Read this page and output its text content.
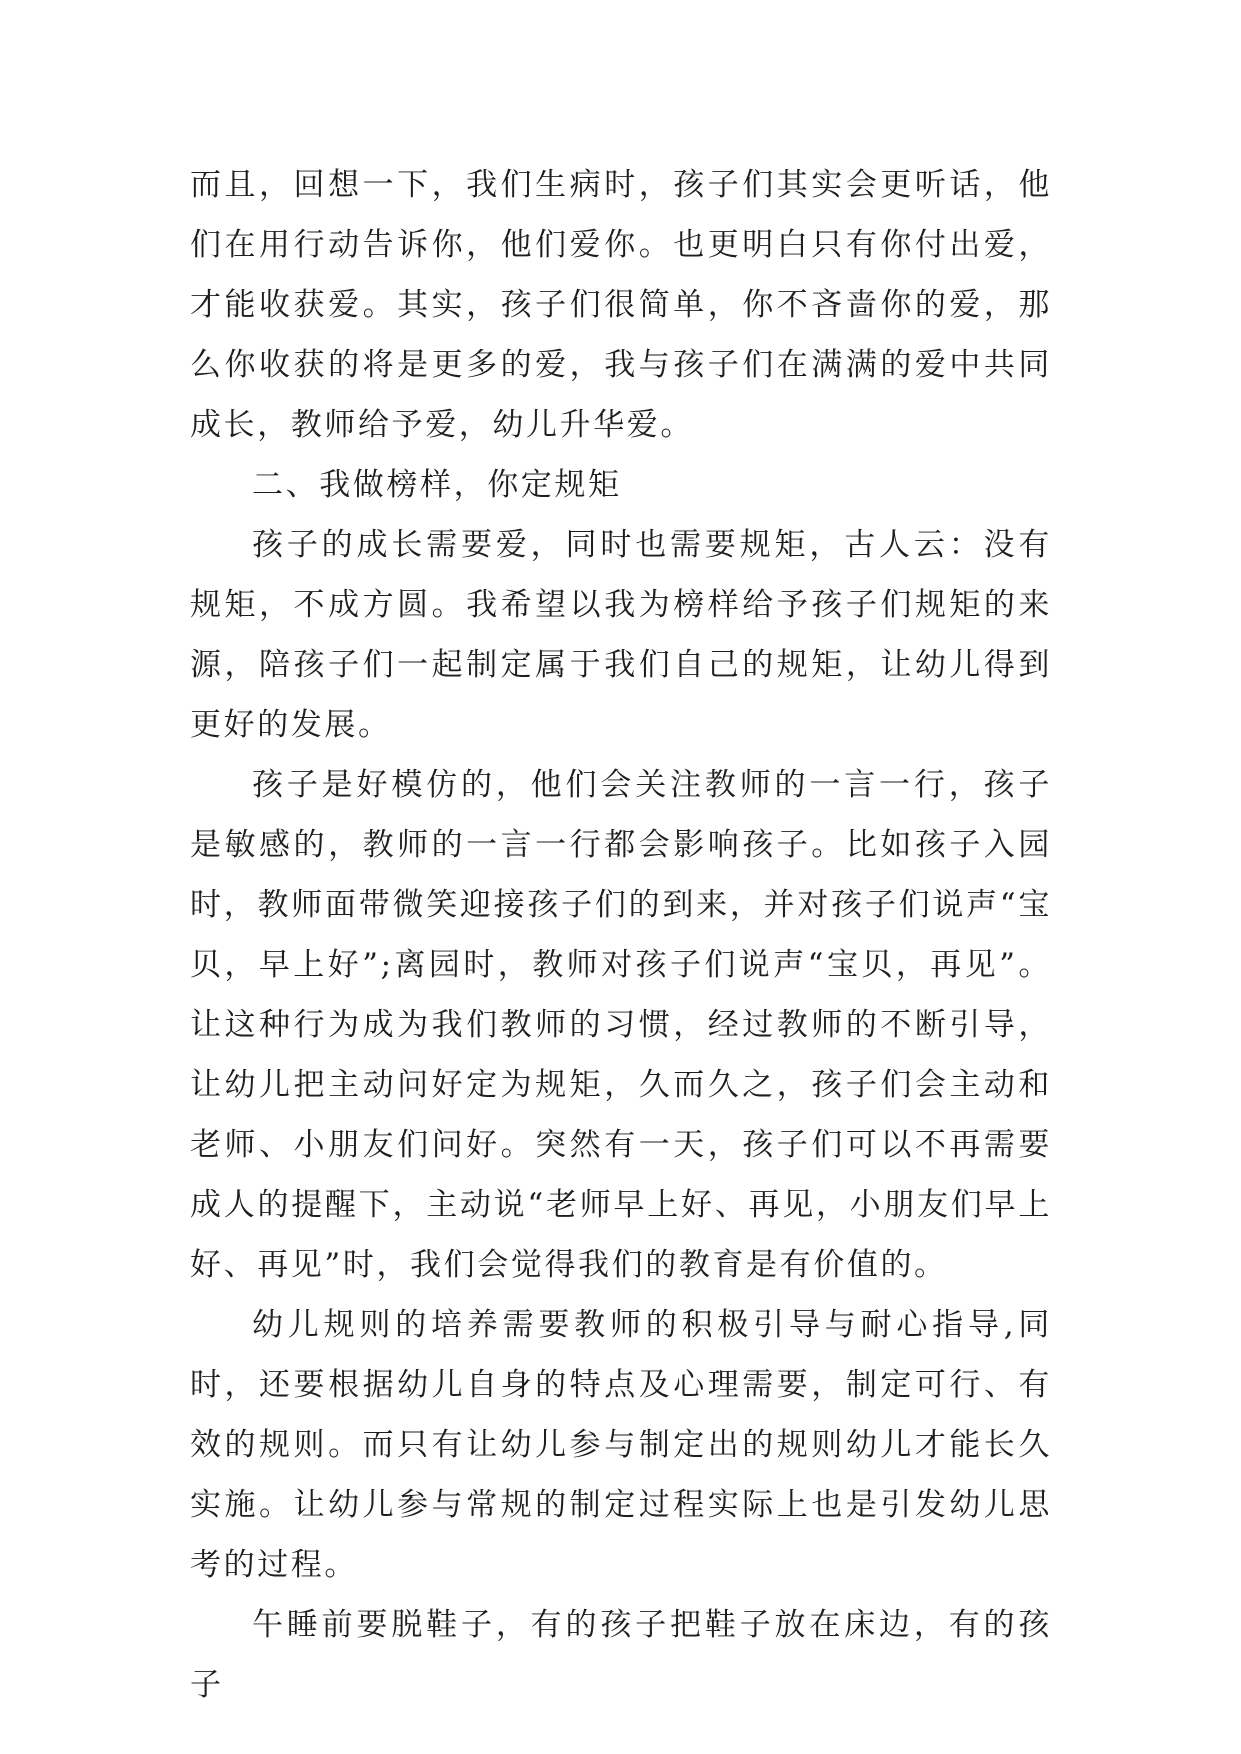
而且，回想一下，我们生病时，孩子们其实会更听话，他们在用行动告诉你，他们爱你。也更明白只有你付出爱，才能收获爱。其实，孩子们很简单，你不吝啬你的爱，那么你收获的将是更多的爱，我与孩子们在满满的爱中共同成长，教师给予爱，幼儿升华爱。

二、我做榜样，你定规矩

孩子的成长需要爱，同时也需要规矩，古人云：没有规矩，不成方圆。我希望以我为榜样给予孩子们规矩的来源，陪孩子们一起制定属于我们自己的规矩，让幼儿得到更好的发展。

孩子是好模仿的，他们会关注教师的一言一行，孩子是敏感的，教师的一言一行都会影响孩子。比如孩子入园时，教师面带微笑迎接孩子们的到来，并对孩子们说声“宝贝，早上好”;离园时，教师对孩子们说声“宝贝，再见”。让这种行为成为我们教师的习惯，经过教师的不断引导，让幼儿把主动问好定为规矩，久而久之，孩子们会主动和老师、小朋友们问好。突然有一天，孩子们可以不再需要成人的提醒下，主动说“老师早上好、再见，小朋友们早上好、再见”时，我们会觉得我们的教育是有价值的。

幼儿规则的培养需要教师的积极引导与耐心指导,同时，还要根据幼儿自身的特点及心理需要，制定可行、有效的规则。而只有让幼儿参与制定出的规则幼儿才能长久实施。让幼儿参与常规的制定过程实际上也是引发幼儿思考的过程。

午睡前要脱鞋子，有的孩子把鞋子放在床边，有的孩子
